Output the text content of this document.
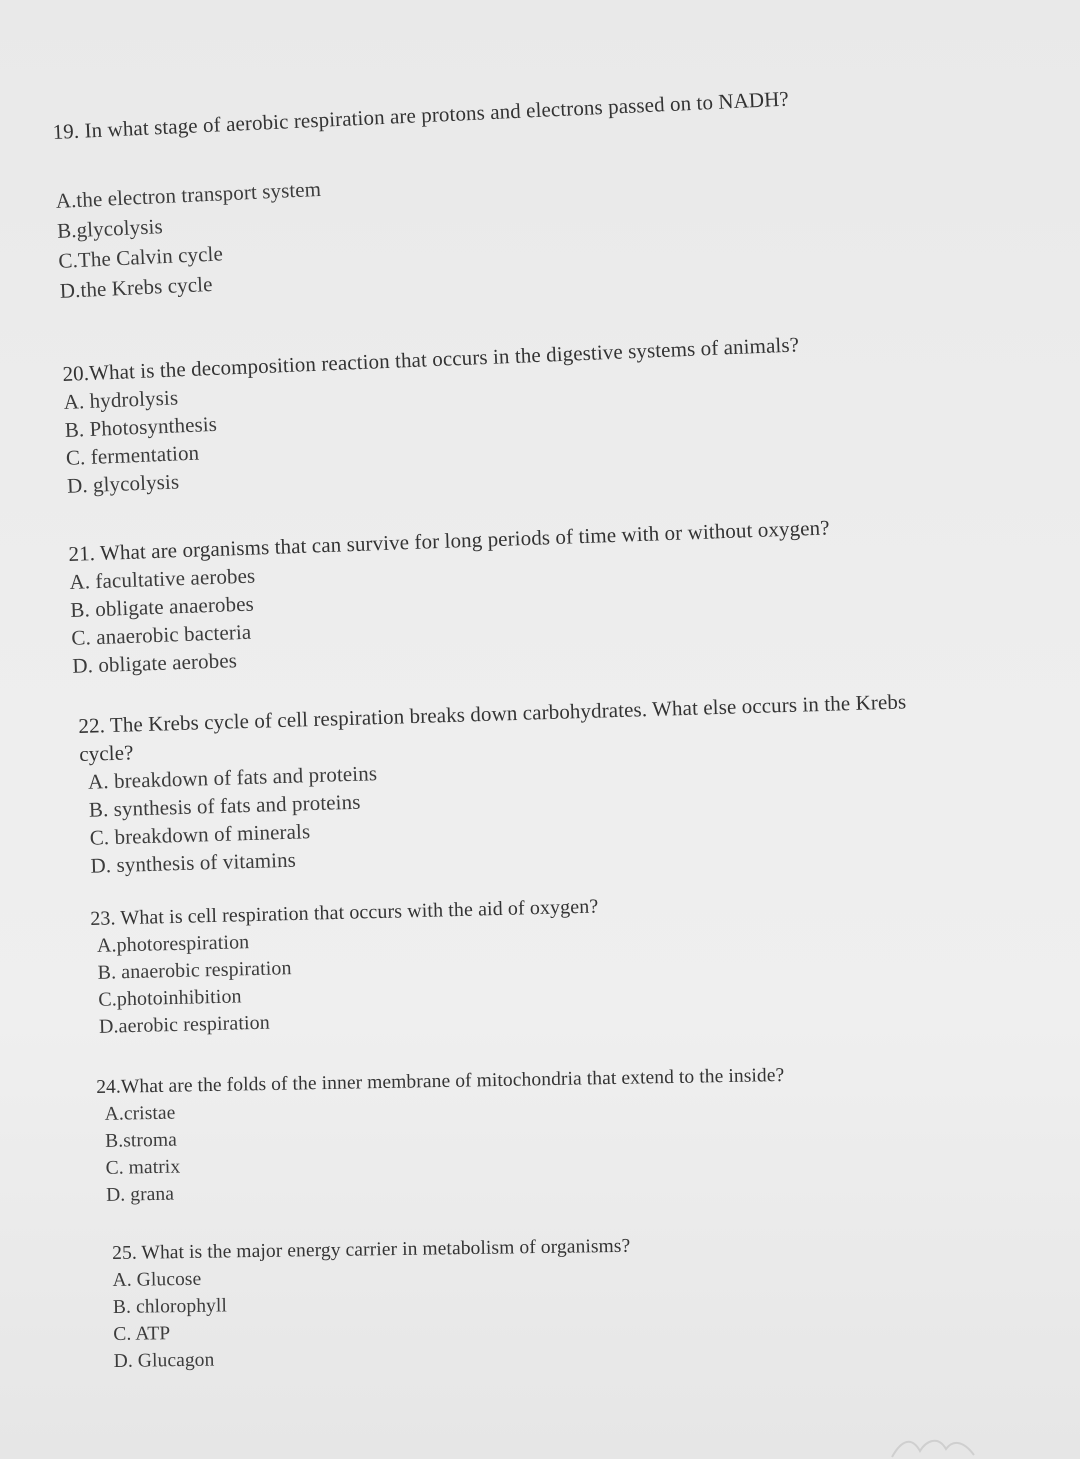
19. In what stage of aerobic respiration are protons and electrons passed on to NADH?

A.the electron transport system
B.glycolysis
C.The Calvin cycle
D.the Krebs cycle

20.What is the decomposition reaction that occurs in the digestive systems of animals?

A. hydrolysis
B. Photosynthesis
C. fermentation
D. glycolysis

21. What are organisms that can survive for long periods of time with or without oxygen?

A. facultative aerobes
B. obligate anaerobes
C. anaerobic bacteria
D. obligate aerobes

22. The Krebs cycle of cell respiration breaks down carbohydrates. What else occurs in the Krebs cycle?

A. breakdown of fats and proteins
B. synthesis of fats and proteins
C. breakdown of minerals
D. synthesis of vitamins

23. What is cell respiration that occurs with the aid of oxygen?

A.photorespiration
B. anaerobic respiration
C.photoinhibition
D.aerobic respiration

24.What are the folds of the inner membrane of mitochondria that extend to the inside?

A.cristae
B.stroma
C. matrix
D. grana

25. What is the major energy carrier in metabolism of organisms?

A. Glucose
B. chlorophyll
C. ATP
D. Glucagon
